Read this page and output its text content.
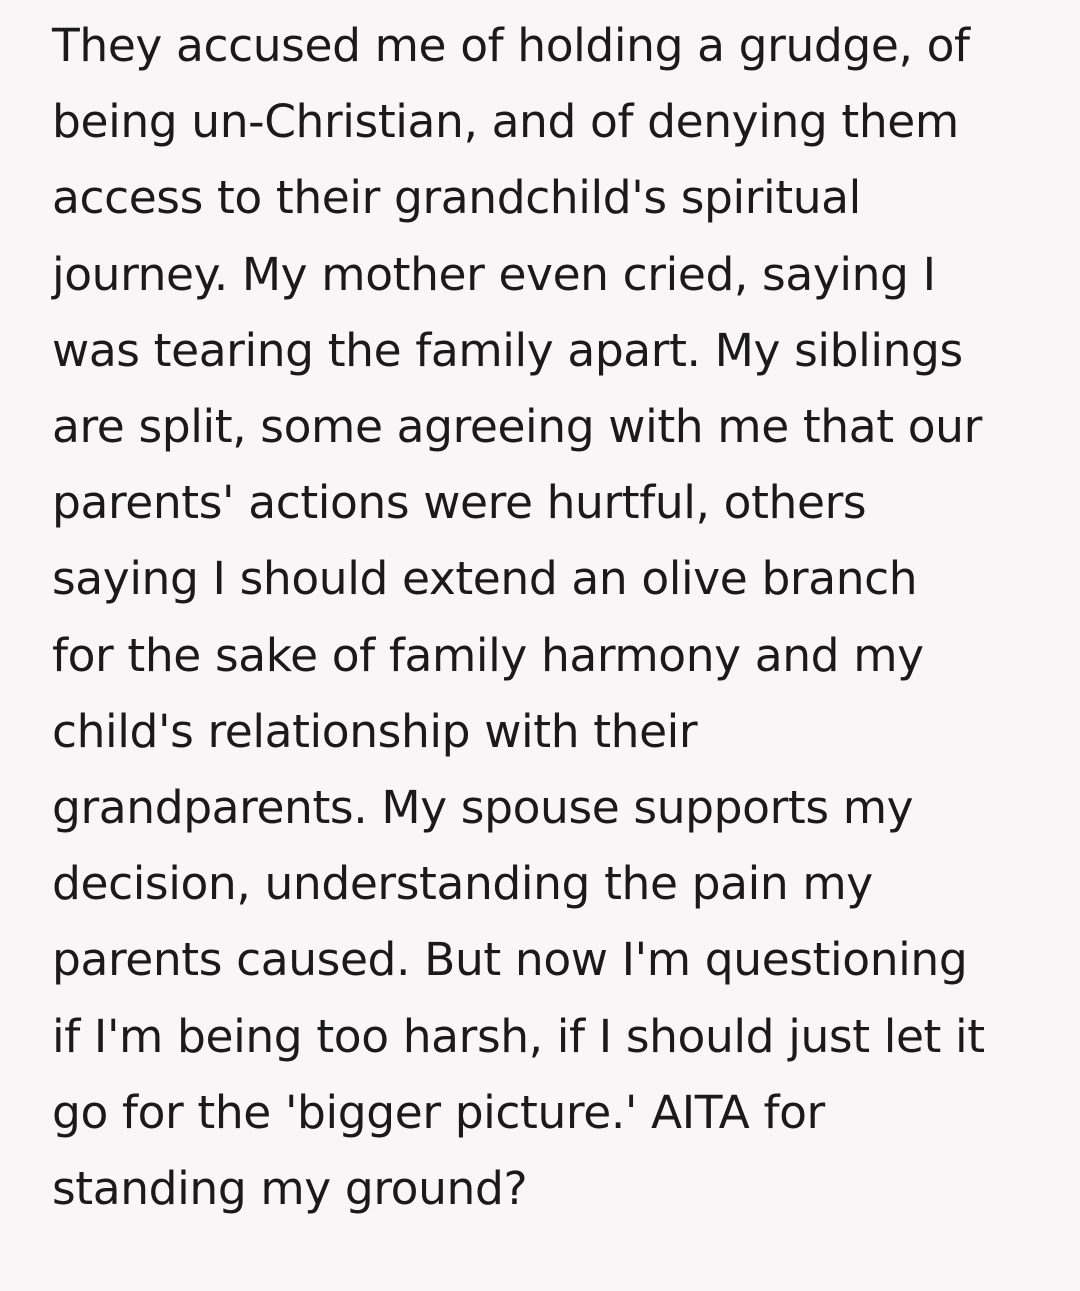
They accused me of holding a grudge, of
being un-Christian, and of denying them
access to their grandchild's spiritual
journey. My mother even cried, saying I
was tearing the family apart. My siblings
are split, some agreeing with me that our
parents' actions were hurtful, others
saying I should extend an olive branch
for the sake of family harmony and my
child's relationship with their
grandparents. My spouse supports my
decision, understanding the pain my
parents caused. But now I'm questioning
if I'm being too harsh, if I should just let it
go for the 'bigger picture.' AITA for
standing my ground?
